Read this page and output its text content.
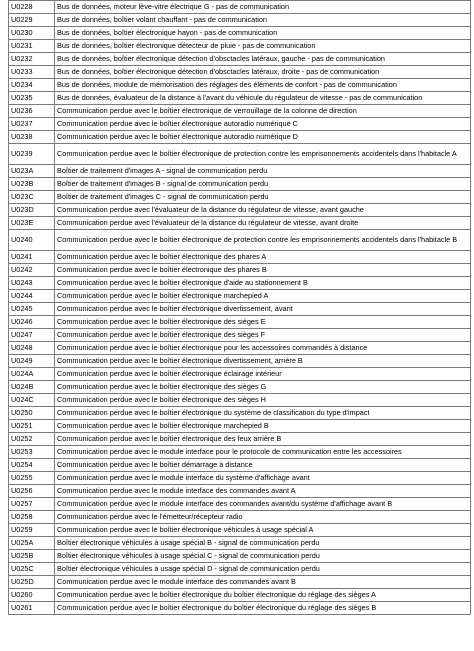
U0228	Bus de données, moteur lève-vitre électrique G - pas de communication
U0229	Bus de données, boîtier volant chauffant - pas de communication
U0230	Bus de données, boîtier électronique hayon - pas de communication
U0231	Bus de données, boîtier électronique détecteur de pluie - pas de communication
U0232	Bus de données, boîtier électronique détection d'obsctacles latéraux, gauche - pas de communication
U0233	Bus de données, boîtier électronique détection d'obsctacles latéraux, droite - pas de communication
U0234	Bus de données, module de mémorisation des réglages des éléments de confort - pas de communication
U0235	Bus de données, évaluateur de la distance à l'avant du véhicule du régulateur de vitesse - pas de communication
U0236	Communication perdue avec le boîtier électronique de verrouillage de la colonne de direction
U0237	Communication perdue avec le boîtier électronique autoradio numérique C
U0238	Communication perdue avec le boîtier électronique autoradio numérique D
U0239	Communication perdue avec le boîtier électronique de protection contre les emprisonnements accidentels dans l'habitacle A
U023A	Boîtier de traitement d'images A - signal de communication perdu
U023B	Boîtier de traitement d'images B - signal de communication perdu
U023C	Boîtier de traitement d'images C - signal de communication perdu
U023D	Communication perdue avec l'évaluateur de la distance du régulateur de vitesse, avant gauche
U023E	Communication perdue avec l'évaluateur de la distance du régulateur de vitesse, avant droite
U0240	Communication perdue avec le boîtier électronique de protection contre les emprisonnements accidentels dans l'habitacle B
U0241	Communication perdue avec le boîtier électronique des phares A
U0242	Communication perdue avec le boîtier électronique des phares B
U0243	Communication perdue avec le boîtier électronique d'aide au stationnement B
U0244	Communication perdue avec le boîtier électronique marchepied A
U0245	Communication perdue avec le boîtier électronique divertissement, avant
U0246	Communication perdue avec le boîtier électronique des sièges E
U0247	Communication perdue avec le boîtier électronique des sièges F
U0248	Communication perdue avec le boîtier électronique pour les accessoires commandés à distance
U0249	Communication perdue avec le boîtier électronique divertissement, arrière B
U024A	Communication perdue avec le boîtier électronique éclairage intérieur
U024B	Communication perdue avec le boîtier électronique des sièges G
U024C	Communication perdue avec le boîtier électronique des sièges H
U0250	Communication perdue avec le boîtier électronique du système de classification du type d'impact
U0251	Communication perdue avec le boîtier électronique marchepied B
U0252	Communication perdue avec le boîtier électronique des feux arrière B
U0253	Communication perdue avec le module interface pour le protocole de communication entre les accessoires
U0254	Communication perdue avec le boîtier démarrage à distance
U0255	Communication perdue avec le module interface du système d'affichage avant
U0256	Communication perdue avec le module interface des commandes avant A
U0257	Communication perdue avec le module interface des commandes avant/du système d'affichage avant B
U0258	Communication perdue avec le l'émetteur/récepteur radio
U0259	Communication perdue avec le boîtier électronique véhicules à usage spécial A
U025A	Boîtier électronique véhicules à usage spécial B - signal de communication perdu
U025B	Boîtier électronique véhicules à usage spécial C - signal de communication perdu
U025C	Boîtier électronique véhicules à usage spécial D - signal de communication perdu
U025D	Communication perdue avec le module interface des commandes avant B
U0260	Communication perdue avec le boîtier électronique du boîtier électronique du réglage des sièges A
U0261	Communication perdue avec le boîtier électronique du boîtier électronique du réglage des sièges B
